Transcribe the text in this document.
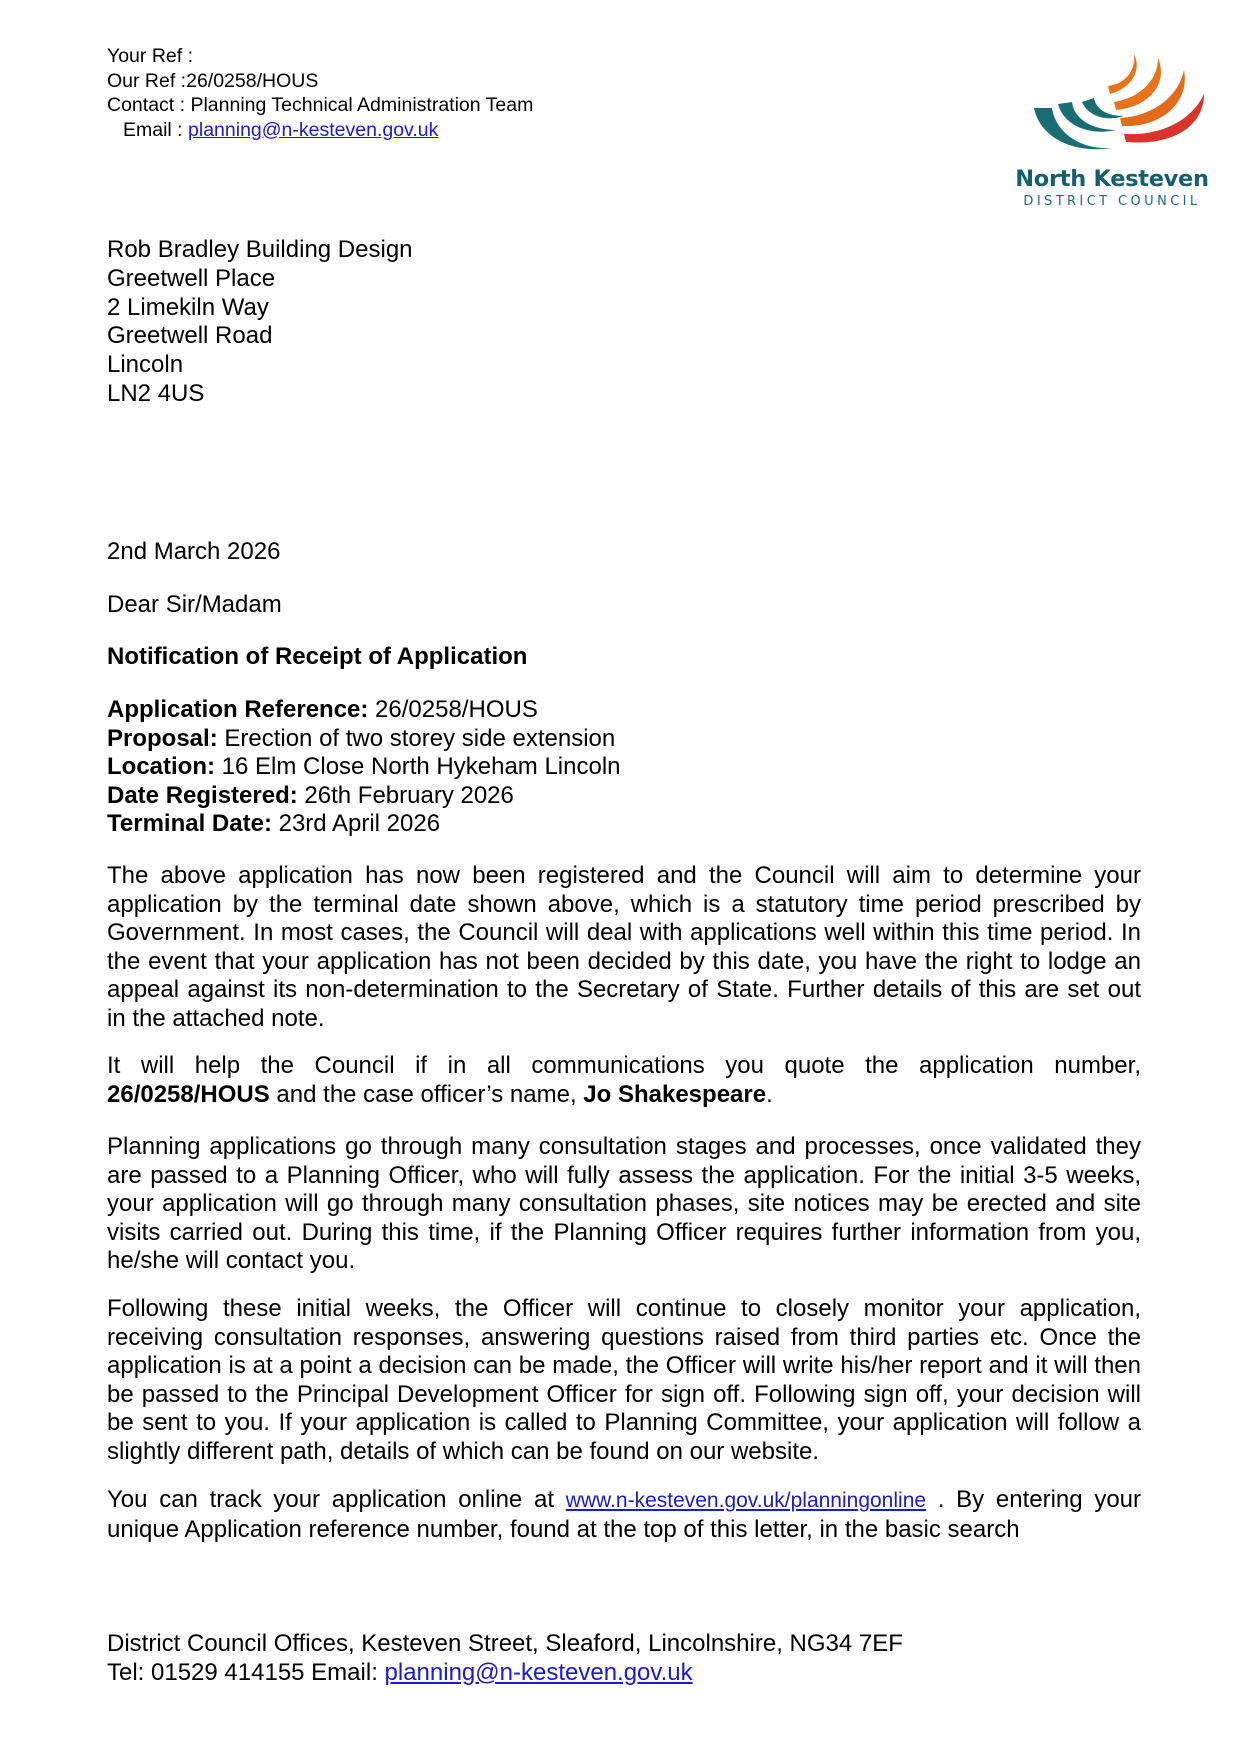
Your Ref :
Our Ref :26/0258/HOUS
Contact : Planning Technical Administration Team
Email : planning@n-kesteven.gov.uk
North Kesteven
DISTRICT COUNCIL
Rob Bradley Building Design
Greetwell Place
2 Limekiln Way
Greetwell Road
Lincoln
LN2 4US
2nd March 2026
Dear Sir/Madam
Notification of Receipt of Application
Application Reference: 26/0258/HOUS
Proposal: Erection of two storey side extension
Location: 16 Elm Close North Hykeham Lincoln
Date Registered: 26th February 2026
Terminal Date: 23rd April 2026
The above application has now been registered and the Council will aim to determine your application by the terminal date shown above, which is a statutory time period prescribed by Government. In most cases, the Council will deal with applications well within this time period. In the event that your application has not been decided by this date, you have the right to lodge an appeal against its non-determination to the Secretary of State. Further details of this are set out in the attached note.
It will help the Council if in all communications you quote the application number,
26/0258/HOUS and the case officer’s name, Jo Shakespeare.
Planning applications go through many consultation stages and processes, once validated they are passed to a Planning Officer, who will fully assess the application. For the initial 3-5 weeks, your application will go through many consultation phases, site notices may be erected and site visits carried out. During this time, if the Planning Officer requires further information from you, he/she will contact you.
Following these initial weeks, the Officer will continue to closely monitor your application, receiving consultation responses, answering questions raised from third parties etc. Once the application is at a point a decision can be made, the Officer will write his/her report and it will then be passed to the Principal Development Officer for sign off. Following sign off, your decision will be sent to you. If your application is called to Planning Committee, your application will follow a slightly different path, details of which can be found on our website.
You can track your application online at www.n-kesteven.gov.uk/planningonline . By entering your unique Application reference number, found at the top of this letter, in the basic search
District Council Offices, Kesteven Street, Sleaford, Lincolnshire, NG34 7EF
Tel: 01529 414155 Email: planning@n-kesteven.gov.uk
